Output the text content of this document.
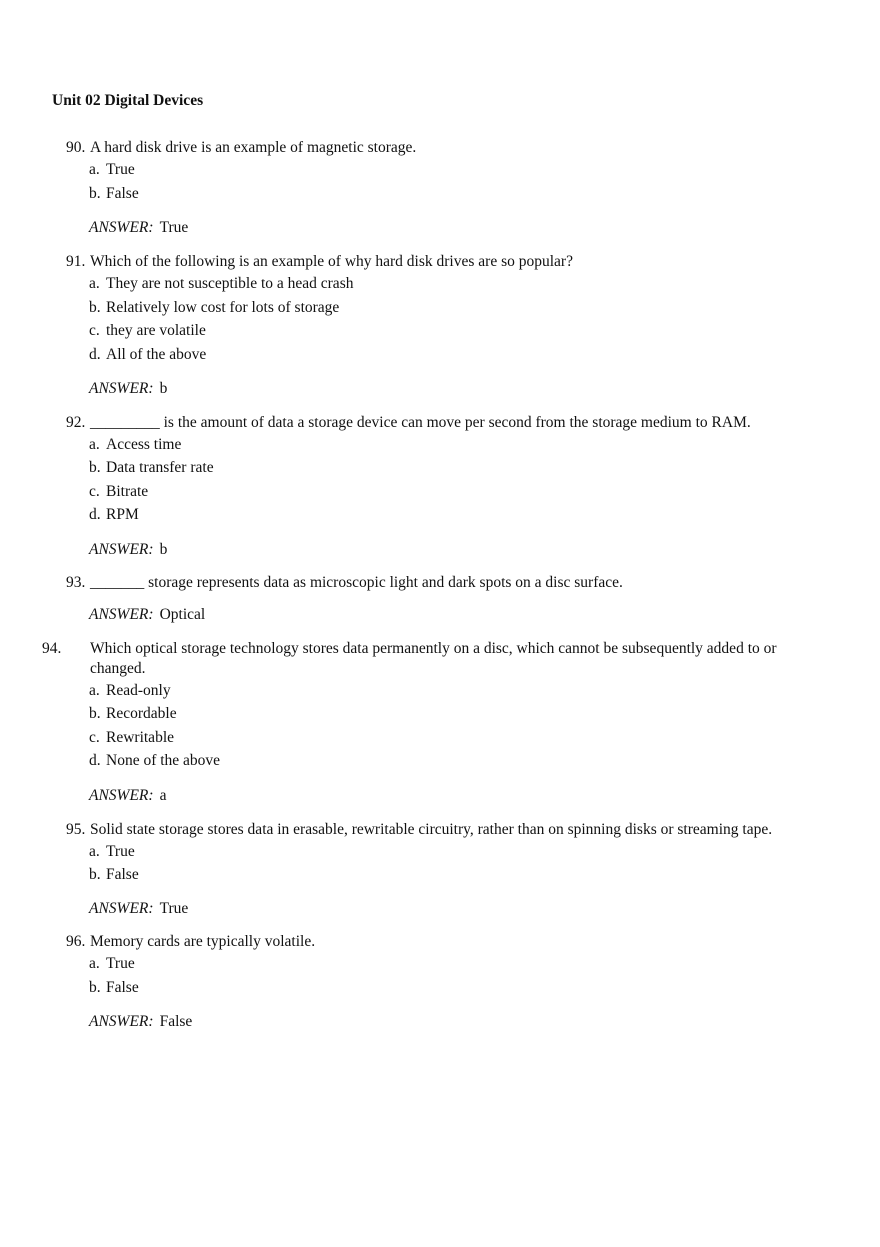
Unit 02 Digital Devices
90. A hard disk drive is an example of magnetic storage.
a. True
b. False
ANSWER: True
91. Which of the following is an example of why hard disk drives are so popular?
a. They are not susceptible to a head crash
b. Relatively low cost for lots of storage
c. they are volatile
d. All of the above
ANSWER: b
92. _________ is the amount of data a storage device can move per second from the storage medium to RAM.
a. Access time
b. Data transfer rate
c. Bitrate
d. RPM
ANSWER: b
93. _______ storage represents data as microscopic light and dark spots on a disc surface.
ANSWER: Optical
94. Which optical storage technology stores data permanently on a disc, which cannot be subsequently added to or changed.
a. Read-only
b. Recordable
c. Rewritable
d. None of the above
ANSWER: a
95. Solid state storage stores data in erasable, rewritable circuitry, rather than on spinning disks or streaming tape.
a. True
b. False
ANSWER: True
96. Memory cards are typically volatile.
a. True
b. False
ANSWER: False
